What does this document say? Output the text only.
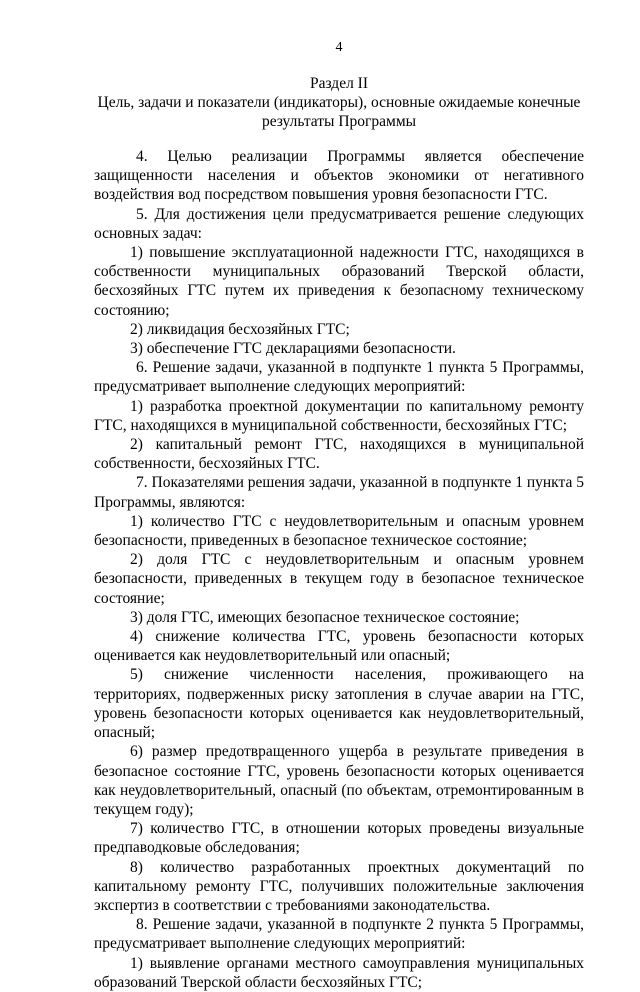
4
Раздел II
Цель, задачи и показатели (индикаторы), основные ожидаемые конечные
результаты Программы

4. Целью реализации Программы является обеспечение защищенности населения и объектов экономики от негативного воздействия вод посредством повышения уровня безопасности ГТС.

5. Для достижения цели предусматривается решение следующих основных задач:

1) повышение эксплуатационной надежности ГТС, находящихся в собственности муниципальных образований Тверской области, бесхозяйных ГТС путем их приведения к безопасному техническому состоянию;

2) ликвидация бесхозяйных ГТС;

3) обеспечение ГТС декларациями безопасности.

6. Решение задачи, указанной в подпункте 1 пункта 5 Программы, предусматривает выполнение следующих мероприятий:

1) разработка проектной документации по капитальному ремонту ГТС, находящихся в муниципальной собственности, бесхозяйных ГТС;

2) капитальный ремонт ГТС, находящихся в муниципальной собственности, бесхозяйных ГТС.

7. Показателями решения задачи, указанной в подпункте 1 пункта 5 Программы, являются:

1) количество ГТС с неудовлетворительным и опасным уровнем безопасности, приведенных в безопасное техническое состояние;

2) доля ГТС с неудовлетворительным и опасным уровнем безопасности, приведенных в текущем году в безопасное техническое состояние;

3) доля ГТС, имеющих безопасное техническое состояние;

4) снижение количества ГТС, уровень безопасности которых оценивается как неудовлетворительный или опасный;

5) снижение численности населения, проживающего на территориях, подверженных риску затопления в случае аварии на ГТС, уровень безопасности которых оценивается как неудовлетворительный, опасный;

6) размер предотвращенного ущерба в результате приведения в безопасное состояние ГТС, уровень безопасности которых оценивается как неудовлетворительный, опасный (по объектам, отремонтированным в текущем году);

7) количество ГТС, в отношении которых проведены визуальные предпаводковые обследования;

8) количество разработанных проектных документаций по капитальному ремонту ГТС, получивших положительные заключения экспертиз в соответствии с требованиями законодательства.

8. Решение задачи, указанной в подпункте 2 пункта 5 Программы, предусматривает выполнение следующих мероприятий:

1) выявление органами местного самоуправления муниципальных образований Тверской области бесхозяйных ГТС;
